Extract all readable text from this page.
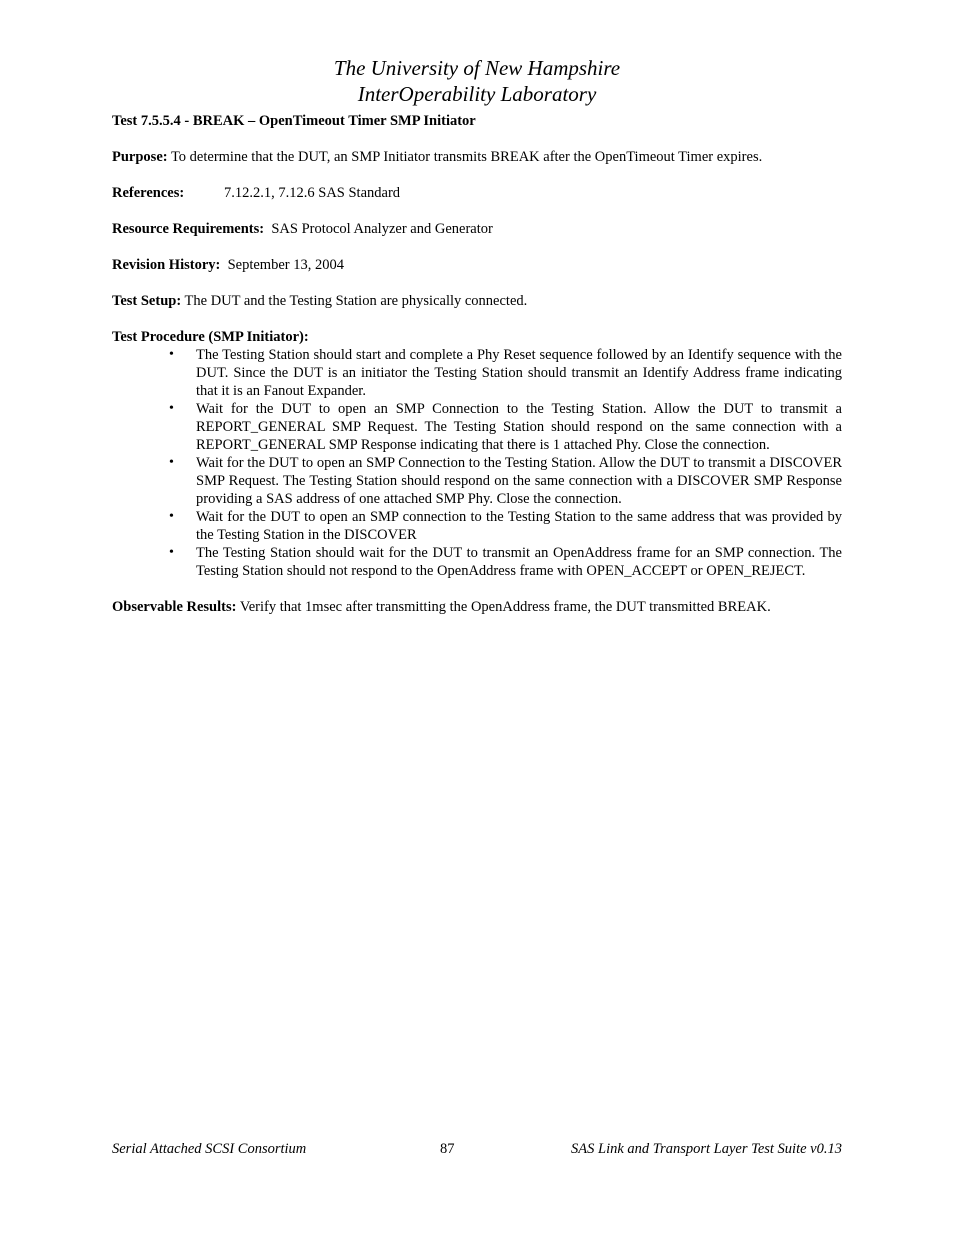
The University of New Hampshire
InterOperability Laboratory

Test 7.5.5.4 - BREAK – OpenTimeout Timer SMP Initiator

Purpose: To determine that the DUT, an SMP Initiator transmits BREAK after the OpenTimeout Timer expires.

References:	7.12.2.1, 7.12.6 SAS Standard

Resource Requirements:  SAS Protocol Analyzer and Generator

Revision History:  September 13, 2004

Test Setup: The DUT and the Testing Station are physically connected.

Test Procedure (SMP Initiator):

• The Testing Station should start and complete a Phy Reset sequence followed by an Identify sequence with the DUT. Since the DUT is an initiator the Testing Station should transmit an Identify Address frame indicating that it is an Fanout Expander.
• Wait for the DUT to open an SMP Connection to the Testing Station. Allow the DUT to transmit a REPORT_GENERAL SMP Request. The Testing Station should respond on the same connection with a REPORT_GENERAL SMP Response indicating that there is 1 attached Phy. Close the connection.
• Wait for the DUT to open an SMP Connection to the Testing Station. Allow the DUT to transmit a DISCOVER SMP Request. The Testing Station should respond on the same connection with a DISCOVER SMP Response providing a SAS address of one attached SMP Phy. Close the connection.
• Wait for the DUT to open an SMP connection to the Testing Station to the same address that was provided by the Testing Station in the DISCOVER
• The Testing Station should wait for the DUT to transmit an OpenAddress frame for an SMP connection. The Testing Station should not respond to the OpenAddress frame with OPEN_ACCEPT or OPEN_REJECT.

Observable Results: Verify that 1msec after transmitting the OpenAddress frame, the DUT transmitted BREAK.

Serial Attached SCSI Consortium	87	SAS Link and Transport Layer Test Suite v0.13
